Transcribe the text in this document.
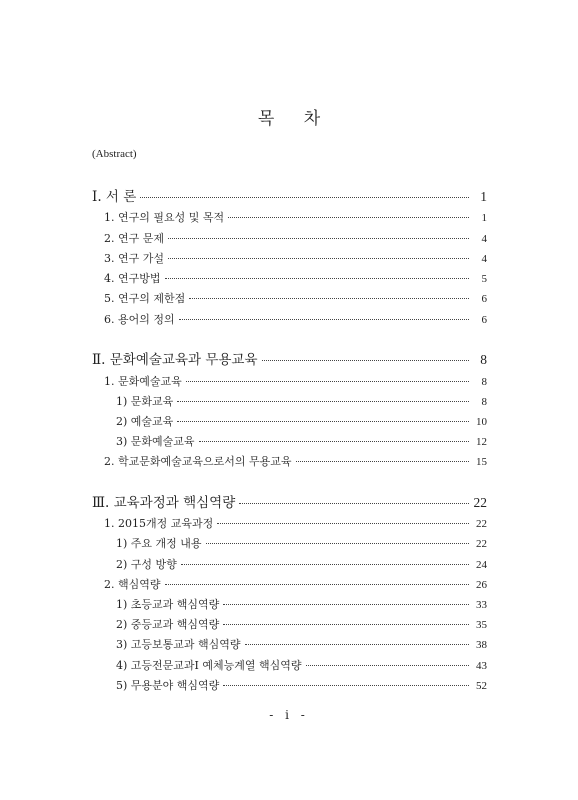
목 차
(Abstract)
Ⅰ. 서 론	1
1. 연구의 필요성 및 목적	1
2. 연구 문제	4
3. 연구 가설	4
4. 연구방법	5
5. 연구의 제한점	6
6. 용어의 정의	6
Ⅱ. 문화예술교육과 무용교육	8
1. 문화예술교육	8
1) 문화교육	8
2) 예술교육	10
3) 문화예술교육	12
2. 학교문화예술교육으로서의 무용교육	15
Ⅲ. 교육과정과 핵심역량	22
1. 2015개정 교육과정	22
1) 주요 개정 내용	22
2) 구성 방향	24
2. 핵심역량	26
1) 초등교과 핵심역량	33
2) 중등교과 핵심역량	35
3) 고등보통교과 핵심역량	38
4) 고등전문교과Ⅰ 예체능계열 핵심역량	43
5) 무용분야 핵심역량	52
- i -
